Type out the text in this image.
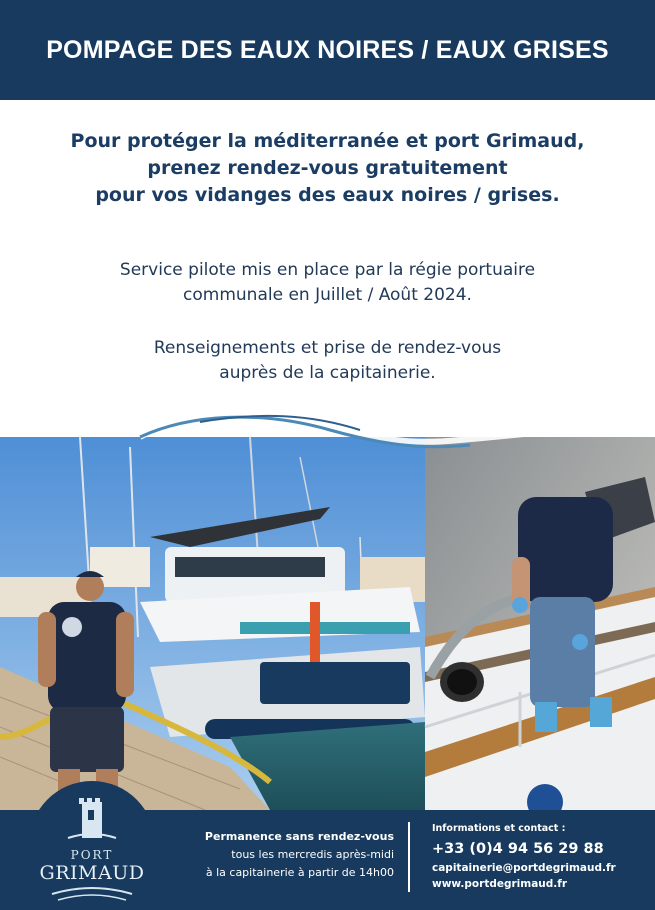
POMPAGE DES EAUX NOIRES / EAUX GRISES
Pour protéger la méditerranée et port Grimaud,
prenez rendez-vous gratuitement
pour vos vidanges des eaux noires / grises.
Service pilote mis en place par la régie portuaire
communale en Juillet / Août 2024.
Renseignements et prise de rendez-vous
auprès de la capitainerie.
PORT
GRIMAUD
Permanence sans rendez-vous
tous les mercredis après-midi
à la capitainerie à partir de 14h00
Informations et contact :
+33 (0)4 94 56 29 88
capitainerie@portdegrimaud.fr
www.portdegrimaud.fr
